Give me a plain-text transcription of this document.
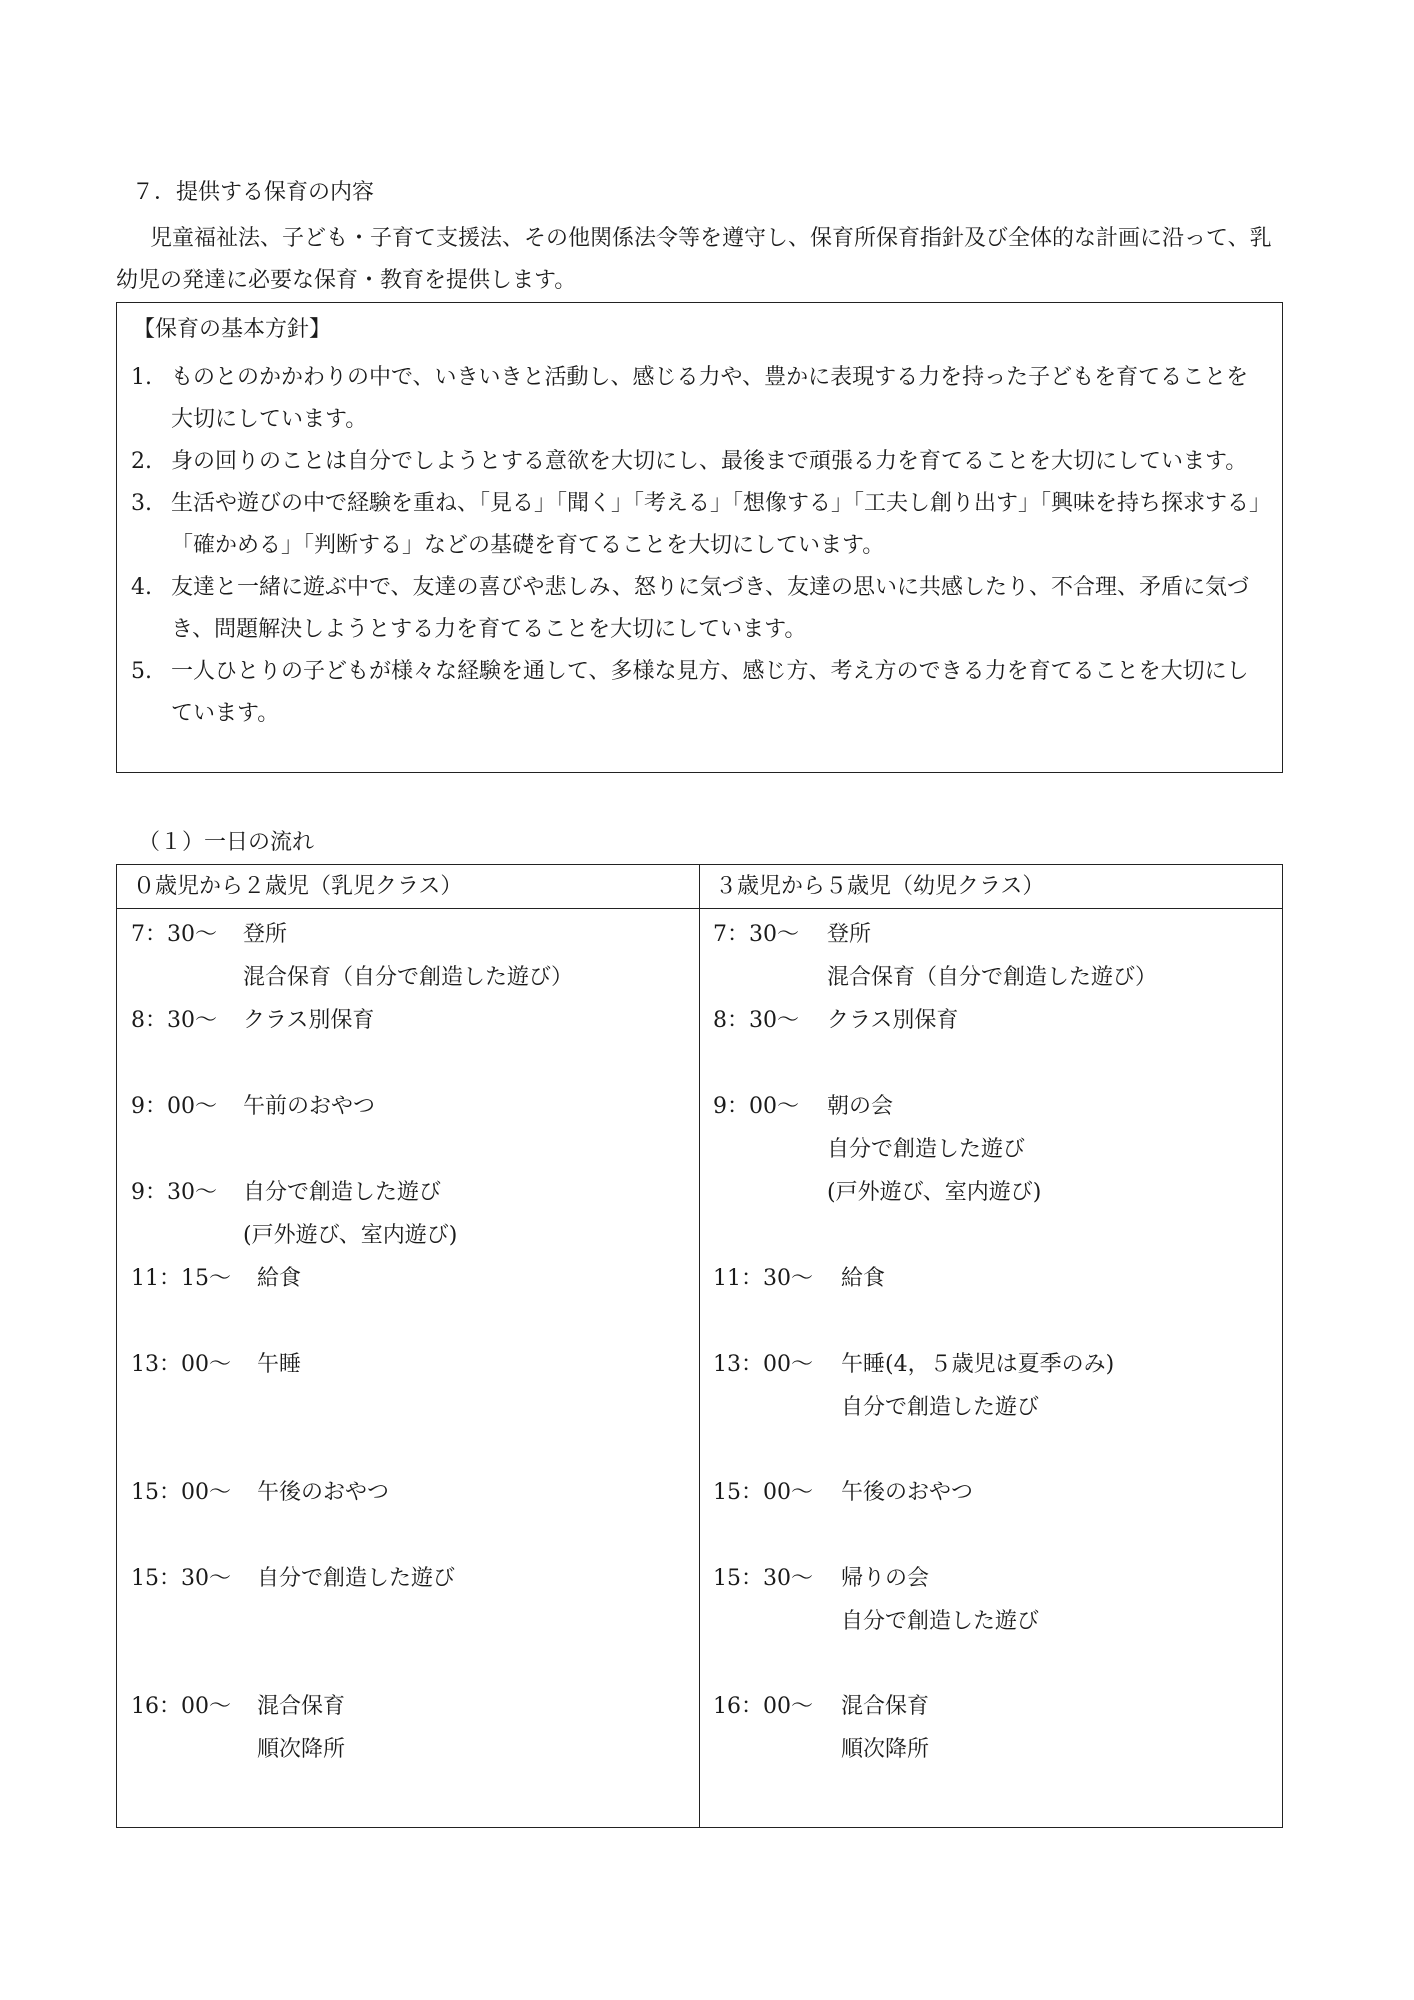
７．提供する保育の内容

児童福祉法、子ども・子育て支援法、その他関係法令等を遵守し、保育所保育指針及び全体的な計画に沿って、乳幼児の発達に必要な保育・教育を提供します。

【保育の基本方針】

1. ものとのかかわりの中で、いきいきと活動し、感じる力や、豊かに表現する力を持った子どもを育てることを大切にしています。
2. 身の回りのことは自分でしようとする意欲を大切にし、最後まで頑張る力を育てることを大切にしています。
3. 生活や遊びの中で経験を重ね、「見る」「聞く」「考える」「想像する」「工夫し創り出す」「興味を持ち探求する」「確かめる」「判断する」などの基礎を育てることを大切にしています。
4. 友達と一緒に遊ぶ中で、友達の喜びや悲しみ、怒りに気づき、友達の思いに共感したり、不合理、矛盾に気づき、問題解決しようとする力を育てることを大切にしています。
5. 一人ひとりの子どもが様々な経験を通して、多様な見方、感じ方、考え方のできる力を育てることを大切にしています。

（１）一日の流れ

０歳児から２歳児（乳児クラス）	３歳児から５歳児（幼児クラス）
7：30～ 登所
混合保育（自分で創造した遊び）
8：30～ クラス別保育
9：00～ 午前のおやつ
9：30～ 自分で創造した遊び
(戸外遊び、室内遊び)
11：15～ 給食
13：00～ 午睡
15：00～ 午後のおやつ
15：30～ 自分で創造した遊び
16：00～ 混合保育
順次降所
7：30～ 登所
混合保育（自分で創造した遊び）
8：30～ クラス別保育
9：00～ 朝の会
自分で創造した遊び
(戸外遊び、室内遊び)
11：30～ 給食
13：00～ 午睡(4，５歳児は夏季のみ)
自分で創造した遊び
15：00～ 午後のおやつ
15：30～ 帰りの会
自分で創造した遊び
16：00～ 混合保育
順次降所
